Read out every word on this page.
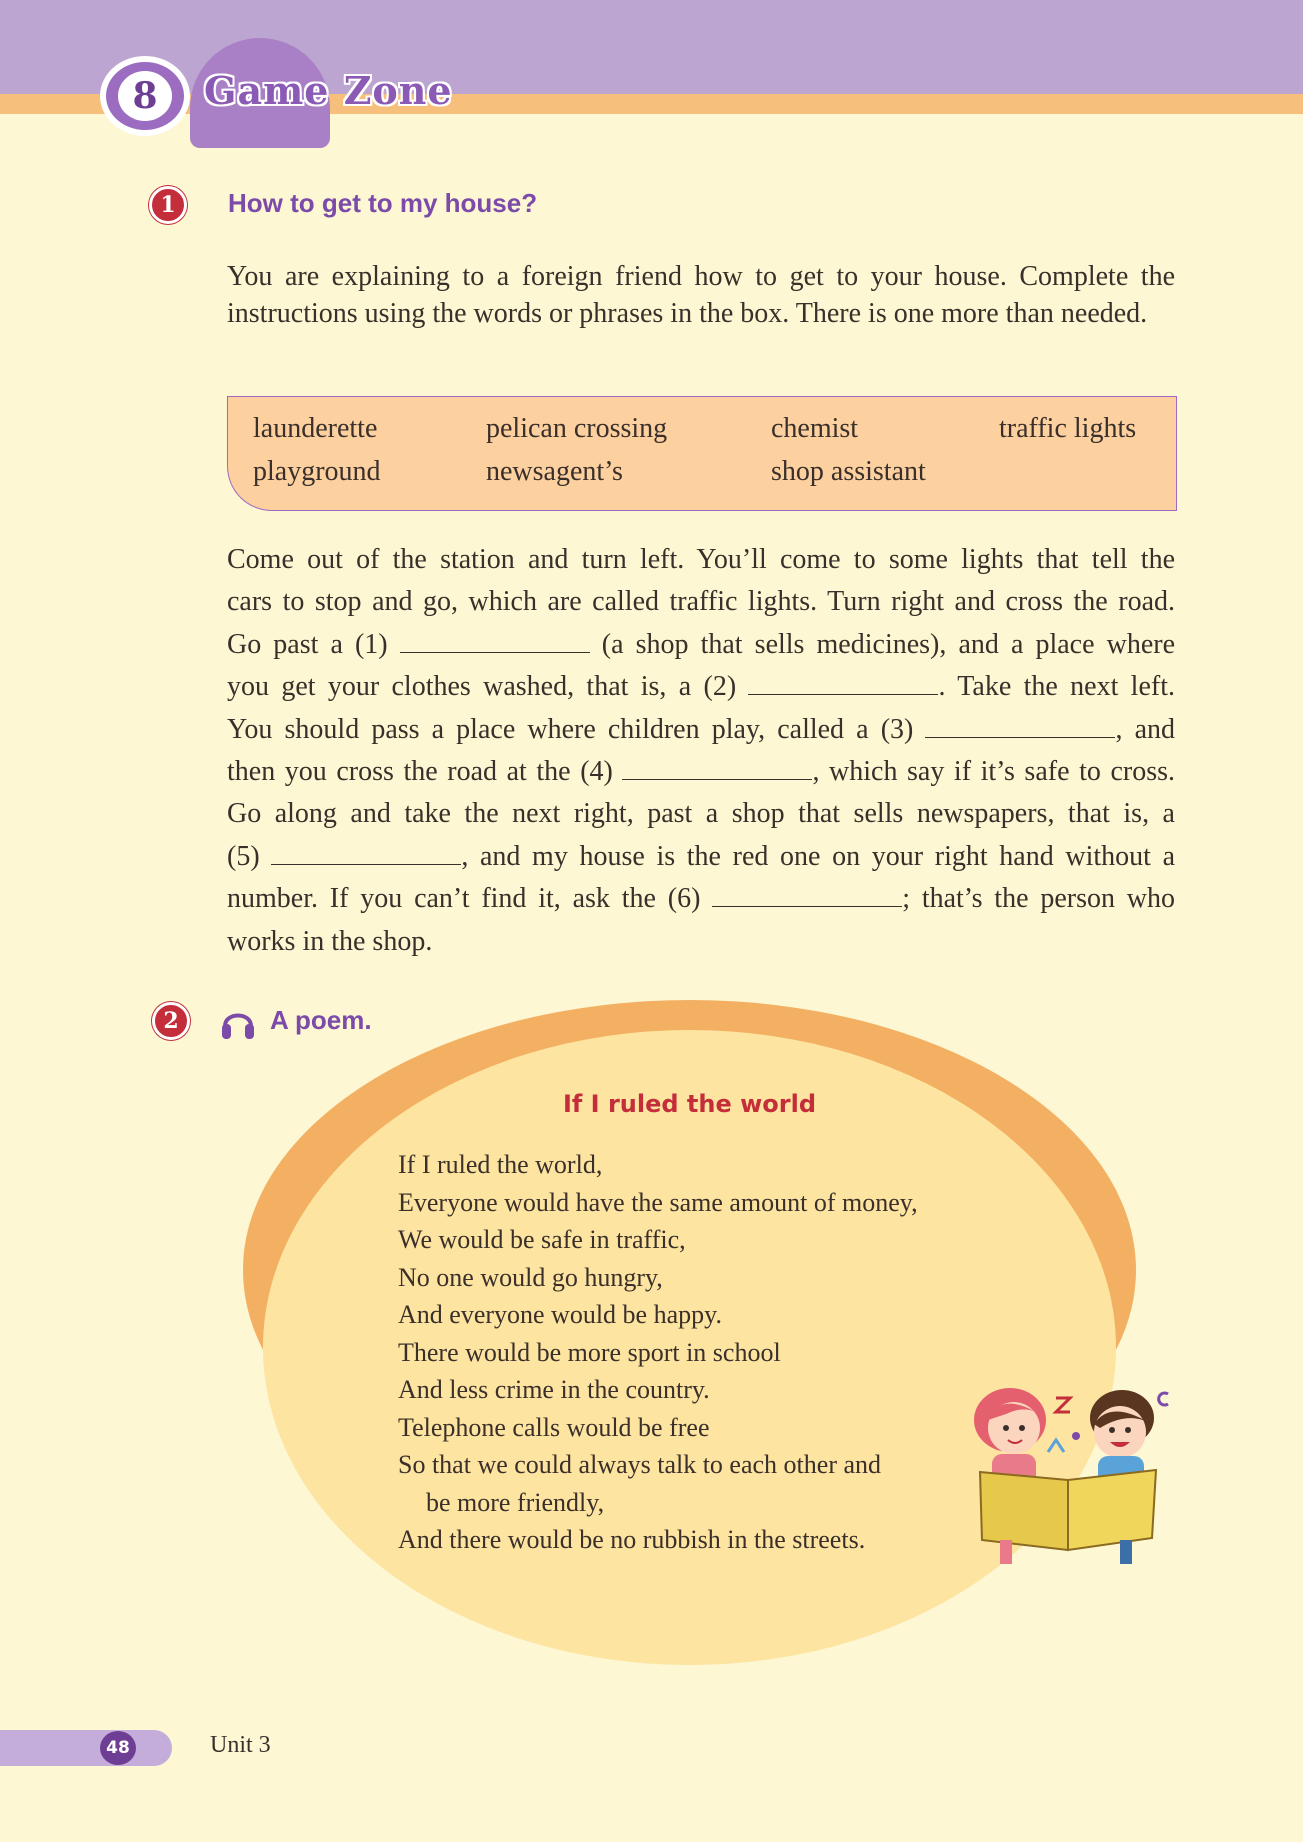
8	Game Zone
1	How to get to my house?
You are explaining to a foreign friend how to get to your house. Complete the instructions using the words or phrases in the box. There is one more than needed.
launderette	pelican crossing	chemist	traffic lights
playground	newsagent’s	shop assistant
Come out of the station and turn left. You’ll come to some lights that tell the
cars to stop and go, which are called traffic lights. Turn right and cross the road.
Go past a (1)	(a shop that sells medicines), and a place where
you get your clothes washed, that is, a (2)	. Take the next left.
You should pass a place where children play, called a (3)	, and
then you cross the road at the (4)	, which say if it’s safe to cross.
Go along and take the next right, past a shop that sells newspapers, that is, a
(5)	, and my house is the red one on your right hand without a
number. If you can’t find it, ask the (6)	; that’s the person who
works in the shop.
2	A poem.
If I ruled the world
If I ruled the world,
Everyone would have the same amount of money,
We would be safe in traffic,
No one would go hungry,
And everyone would be happy.
There would be more sport in school
And less crime in the country.
Telephone calls would be free
So that we could always talk to each other and
be more friendly,
And there would be no rubbish in the streets.
48	Unit 3
